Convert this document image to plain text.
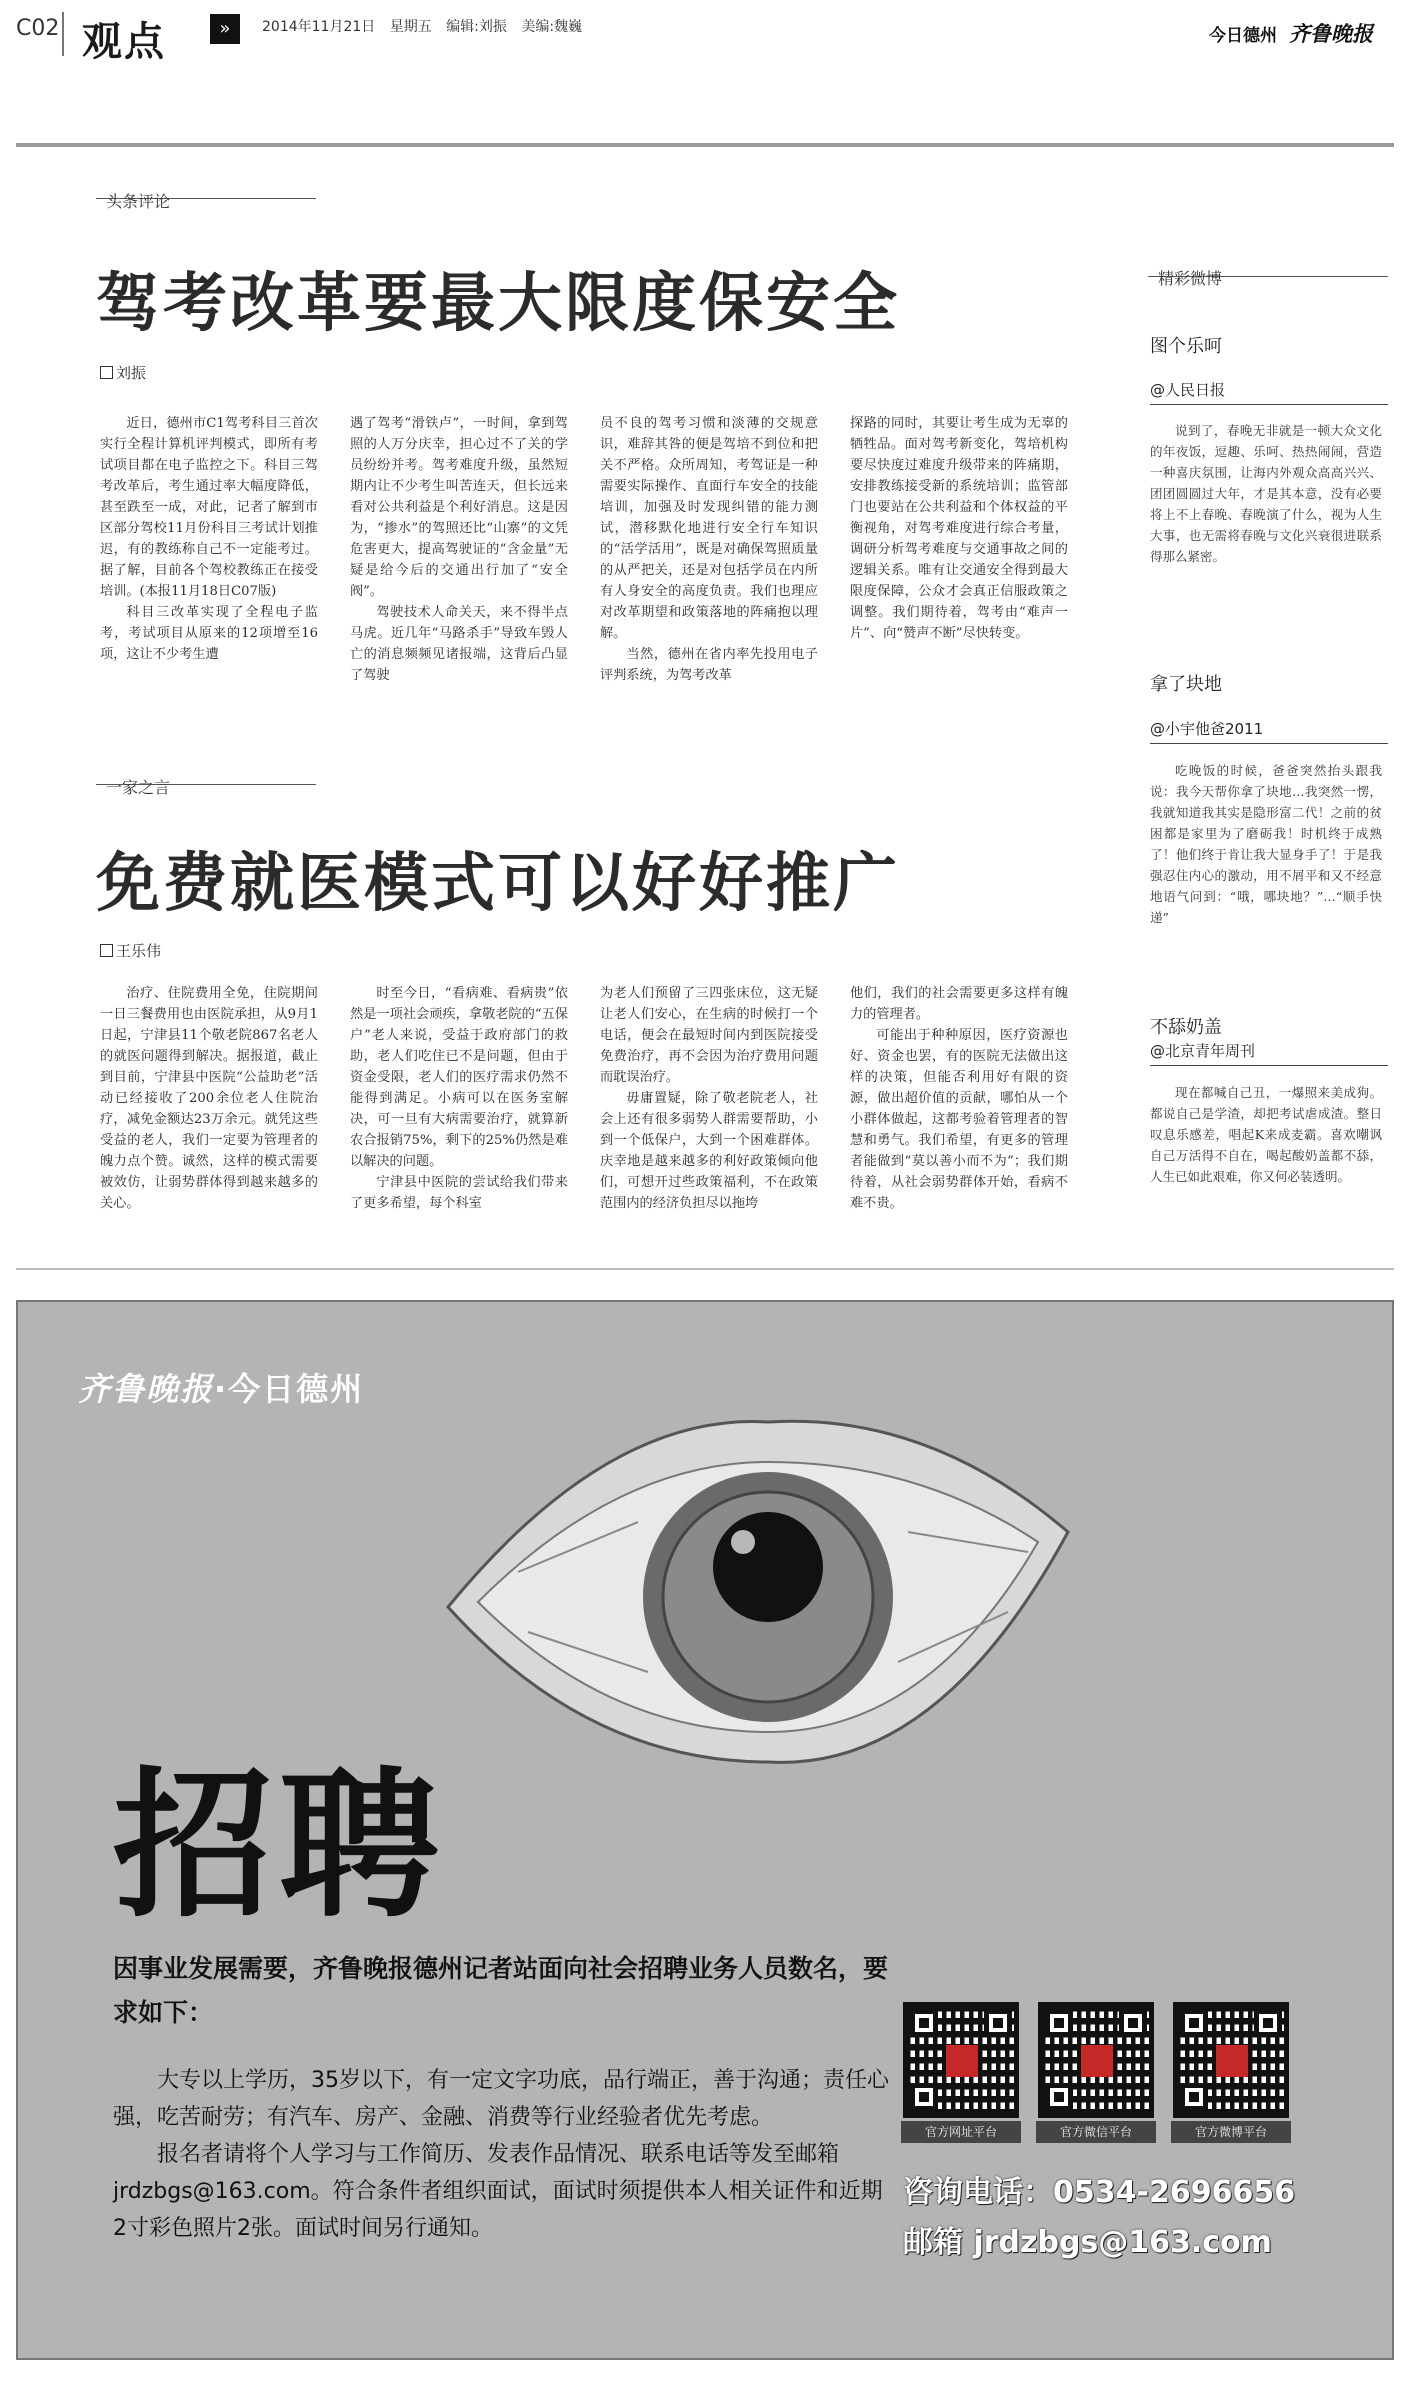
C02 观点	»	2014年11月21日 星期五 编辑:刘振 美编:魏巍	今日德州 齐鲁晚报
头条评论
驾考改革要最大限度保安全
刘振

近日，德州市C1驾考科目三首次实行全程计算机评判模式，即所有考试项目都在电子监控之下。科目三驾考改革后，考生通过率大幅度降低，甚至跌至一成，对此，记者了解到市区部分驾校11月份科目三考试计划推迟，有的教练称自己不一定能考过。据了解，目前各个驾校教练正在接受培训。(本报11月18日C07版)

科目三改革实现了全程电子监考，考试项目从原来的12项增至16项，这让不少考生遭

遇了驾考“滑铁卢”，一时间，拿到驾照的人万分庆幸，担心过不了关的学员纷纷并考。驾考难度升级，虽然短期内让不少考生叫苦连天，但长远来看对公共利益是个利好消息。这是因为，“掺水”的驾照还比“山寨”的文凭危害更大，提高驾驶证的“含金量”无疑是给今后的交通出行加了“安全阀”。

驾驶技术人命关天，来不得半点马虎。近几年“马路杀手”导致车毁人亡的消息频频见诸报端，这背后凸显了驾驶

员不良的驾考习惯和淡薄的交规意识，难辞其咎的便是驾培不到位和把关不严格。众所周知，考驾证是一种需要实际操作、直面行车安全的技能培训，加强及时发现纠错的能力测试，潜移默化地进行安全行车知识的“活学活用”，既是对确保驾照质量的从严把关，还是对包括学员在内所有人身安全的高度负责。我们也理应对改革期望和政策落地的阵痛抱以理解。

当然，德州在省内率先投用电子评判系统，为驾考改革

探路的同时，其要让考生成为无辜的牺牲品。面对驾考新变化，驾培机构要尽快度过难度升级带来的阵痛期，安排教练接受新的系统培训；监管部门也要站在公共利益和个体权益的平衡视角，对驾考难度进行综合考量，调研分析驾考难度与交通事故之间的逻辑关系。唯有让交通安全得到最大限度保障，公众才会真正信服政策之调整。我们期待着，驾考由“难声一片”、向“赞声不断”尽快转变。

一家之言
免费就医模式可以好好推广
王乐伟

治疗、住院费用全免，住院期间一日三餐费用也由医院承担，从9月1日起，宁津县11个敬老院867名老人的就医问题得到解决。据报道，截止到目前，宁津县中医院“公益助老”活动已经接收了200余位老人住院治疗，减免金额达23万余元。就凭这些受益的老人，我们一定要为管理者的魄力点个赞。诚然，这样的模式需要被效仿，让弱势群体得到越来越多的关心。

时至今日，“看病难、看病贵”依然是一项社会顽疾，拿敬老院的“五保户”老人来说，受益于政府部门的救助，老人们吃住已不是问题，但由于资金受限，老人们的医疗需求仍然不能得到满足。小病可以在医务室解决，可一旦有大病需要治疗，就算新农合报销75%，剩下的25%仍然是难以解决的问题。

宁津县中医院的尝试给我们带来了更多希望，每个科室

为老人们预留了三四张床位，这无疑让老人们安心，在生病的时候打一个电话，便会在最短时间内到医院接受免费治疗，再不会因为治疗费用问题而耽误治疗。

毋庸置疑，除了敬老院老人，社会上还有很多弱势人群需要帮助，小到一个低保户，大到一个困难群体。庆幸地是越来越多的利好政策倾向他们，可想开过些政策福利，不在政策范围内的经济负担尽以拖垮

他们，我们的社会需要更多这样有魄力的管理者。

可能出于种种原因，医疗资源也好、资金也罢，有的医院无法做出这样的决策，但能否利用好有限的资源，做出超价值的贡献，哪怕从一个小群体做起，这都考验着管理者的智慧和勇气。我们希望，有更多的管理者能做到“莫以善小而不为”；我们期待着，从社会弱势群体开始，看病不难不贵。

精彩微博
图个乐呵
@人民日报
说到了，春晚无非就是一顿大众文化的年夜饭，逗趣、乐呵、热热闹闹，营造一种喜庆氛围，让海内外观众高高兴兴、团团圆圆过大年，才是其本意，没有必要将上不上春晚、春晚演了什么，视为人生大事，也无需将春晚与文化兴衰很进联系得那么紧密。
拿了块地
@小宇他爸2011
吃晚饭的时候，爸爸突然抬头跟我说：我今天帮你拿了块地…我突然一愣，我就知道我其实是隐形富二代！之前的贫困都是家里为了磨砺我！时机终于成熟了！他们终于肯让我大显身手了！于是我强忍住内心的激动，用不屑平和又不经意地语气问到：“哦，哪块地？”…“顺手快递”
不舔奶盖
@北京青年周刊
现在都喊自己丑，一爆照来美成狗。都说自己是学渣，却把考试虐成渣。整日叹息乐感差，唱起K来成麦霸。喜欢嘲讽自己万活得不自在，喝起酸奶盖都不舔，人生已如此艰难，你又何必装透明。
齐鲁晚报·今日德州
招聘
因事业发展需要，齐鲁晚报德州记者站面向社会招聘业务人员数名，要求如下：

大专以上学历，35岁以下，有一定文字功底，品行端正，善于沟通；责任心强，吃苦耐劳；有汽车、房产、金融、消费等行业经验者优先考虑。

报名者请将个人学习与工作简历、发表作品情况、联系电话等发至邮箱 jrdzbgs@163.com。符合条件者组织面试，面试时须提供本人相关证件和近期2寸彩色照片2张。面试时间另行通知。

官方网址平台	官方微信平台	官方微博平台
咨询电话：0534-2696656
邮箱 jrdzbgs@163.com
